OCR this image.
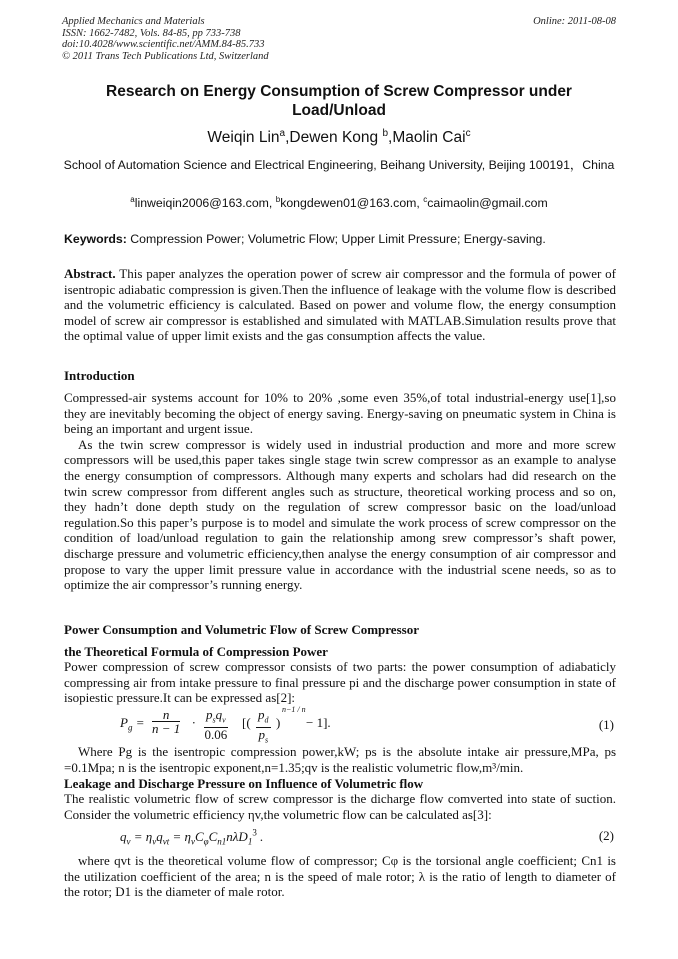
Applied Mechanics and Materials
ISSN: 1662-7482, Vols. 84-85, pp 733-738
doi:10.4028/www.scientific.net/AMM.84-85.733
© 2011 Trans Tech Publications Ltd, Switzerland
Online: 2011-08-08
Research on Energy Consumption of Screw Compressor under Load/Unload
Weiqin Lin$^a$,Dewen Kong $^b$,Maolin Cai$^c$
School of Automation Science and Electrical Engineering, Beihang University, Beijing 100191，China
$^a$linweiqin2006@163.com, $^b$kongdewen01@163.com, $^c$caimaolin@gmail.com
Keywords: Compression Power; Volumetric Flow; Upper Limit Pressure; Energy-saving.
Abstract. This paper analyzes the operation power of screw air compressor and the formula of power of isentropic adiabatic compression is given.Then the influence of leakage with the volume flow is described and the volumetric efficiency is calculated. Based on power and volume flow, the energy consumption model of screw air compressor is established and simulated with MATLAB.Simulation results prove that the optimal value of upper limit exists and the gas consumption affects the value.
Introduction

Compressed-air systems account for 10% to 20% ,some even 35%,of total industrial-energy use[1],so they are inevitably becoming the object of energy saving. Energy-saving on pneumatic system in China is being an important and urgent issue.

As the twin screw compressor is widely used in industrial production and more and more screw compressors will be used,this paper takes single stage twin screw compressor as an example to analyse the energy consumption of compressors. Although many experts and scholars had did research on the twin screw compressor from different angles such as structure, theoretical working process and so on, they hadn’t done depth study on the regulation of screw compressor basic on the load/unload regulation.So this paper’s purpose is to model and simulate the work process of screw compressor on the condition of load/unload regulation to gain the relationship among srew compressor’s shaft power, discharge pressure and volumetric efficiency,then analyse the energy consumption of air compressor and propose to vary the upper limit pressure value in accordance with the industrial scene needs, so as to optimize the air compressor’s running energy.

Power Consumption and Volumetric Flow of Screw Compressor
the Theoretical Formula of Compression Power
Power compression of screw compressor consists of two parts: the power consumption of adiabaticly compressing air from intake pressure to final pressure pi and the discharge power consumption in state of isopiestic pressure.It can be expressed as[2]:
$P_g = \frac{n}{n - 1}$ ·
$p_sq_v$
0.06
[( $\frac{p_d}{p_s}$ )
n−1 / n
− 1].	(1)
Where Pg is the isentropic compression power,kW; ps is the absolute intake air pressure,MPa, ps =0.1Mpa; n is the isentropic exponent,n=1.35;qv is the realistic volumetric flow,m³/min.
Leakage and Discharge Pressure on Influence of Volumetric flow
The realistic volumetric flow of screw compressor is the dicharge flow comverted into state of suction. Consider the volumetric efficiency ηv,the volumetric flow can be calculated as[3]:
$q_v = \eta_vq_{vt} = \eta_vC_\varphi C_{n1}n\lambda D_1^3$ .	(2)
where qvt is the theoretical volume flow of compressor; Cφ is the torsional angle coefficient; Cn1 is the utilization coefficient of the area; n is the speed of male rotor; λ is the ratio of length to diameter of the rotor; D1 is the diameter of male rotor.
